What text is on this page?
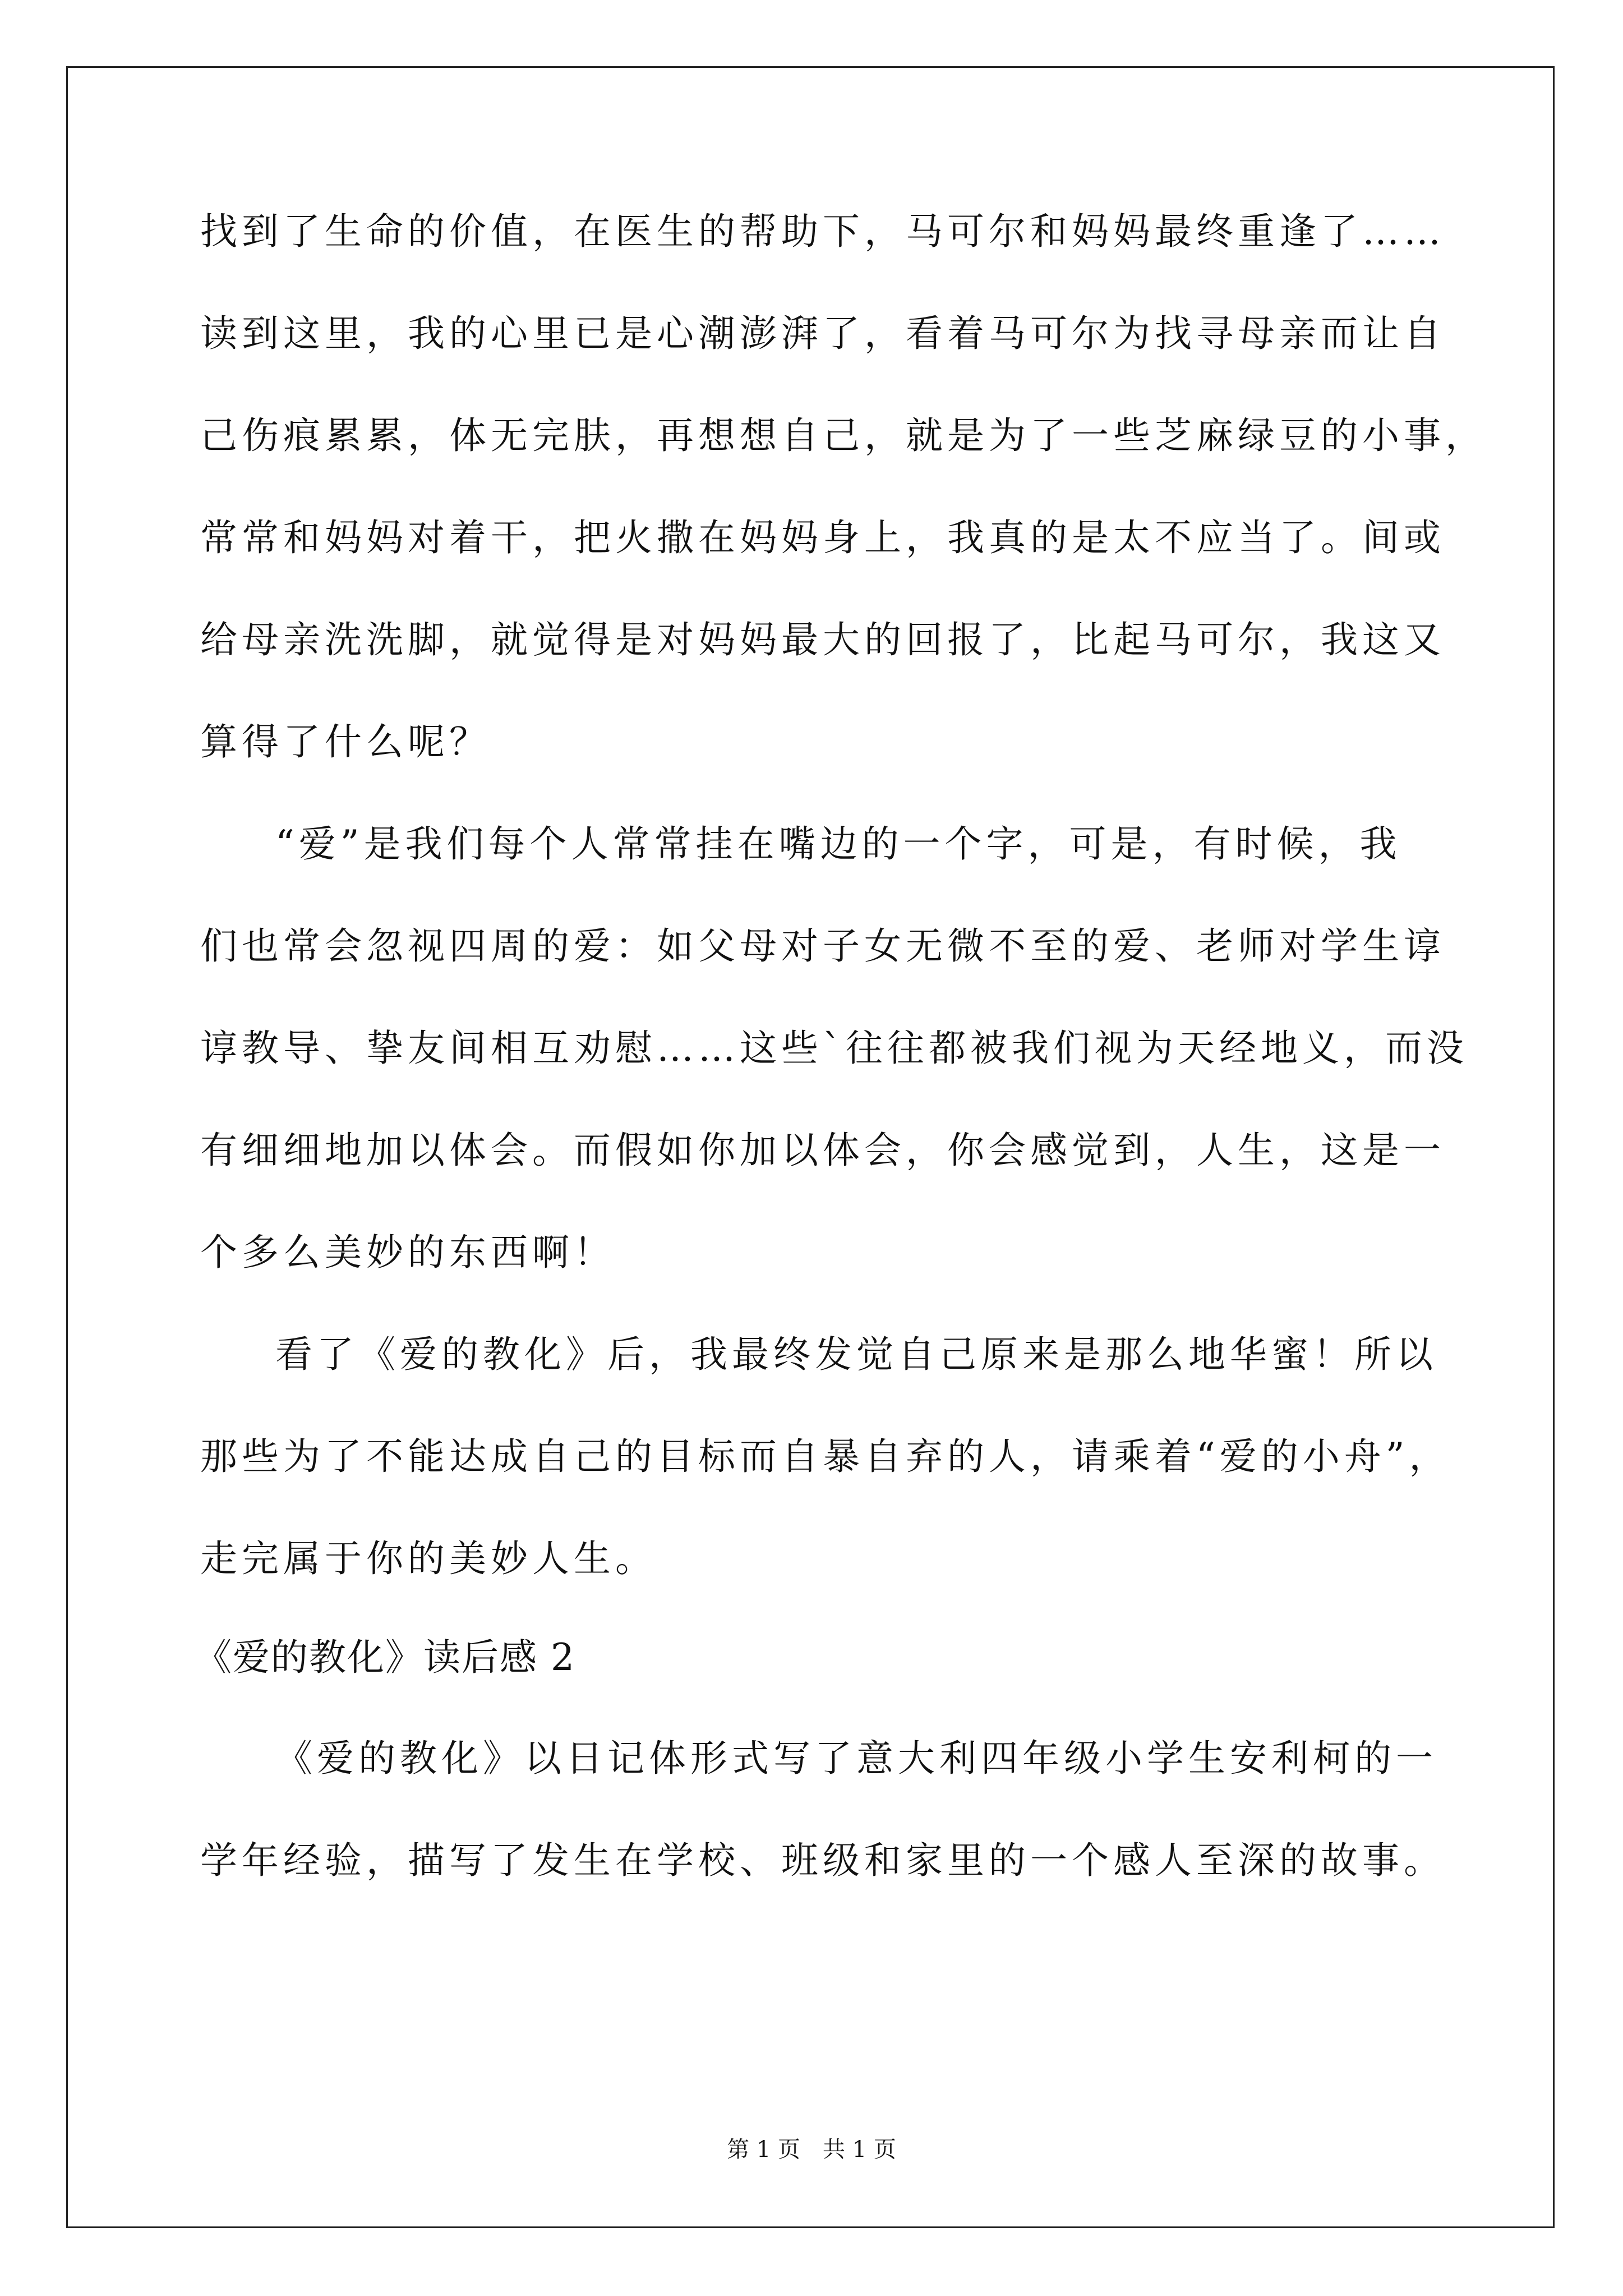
找到了生命的价值，在医生的帮助下，马可尔和妈妈最终重逢了……
读到这里，我的心里已是心潮澎湃了，看着马可尔为找寻母亲而让自
己伤痕累累，体无完肤，再想想自己，就是为了一些芝麻绿豆的小事，
常常和妈妈对着干，把火撒在妈妈身上，我真的是太不应当了。间或
给母亲洗洗脚，就觉得是对妈妈最大的回报了，比起马可尔，我这又
算得了什么呢？
“爱”是我们每个人常常挂在嘴边的一个字，可是，有时候，我
们也常会忽视四周的爱：如父母对子女无微不至的爱、老师对学生谆
谆教导、挚友间相互劝慰……这些`往往都被我们视为天经地义，而没
有细细地加以体会。而假如你加以体会，你会感觉到，人生，这是一
个多么美妙的东西啊！
看了《爱的教化》后，我最终发觉自己原来是那么地华蜜！所以
那些为了不能达成自己的目标而自暴自弃的人，请乘着“爱的小舟”，
走完属于你的美妙人生。
《爱的教化》读后感 2
《爱的教化》以日记体形式写了意大利四年级小学生安利柯的一
学年经验，描写了发生在学校、班级和家里的一个感人至深的故事。
第 1 页　共 1 页
